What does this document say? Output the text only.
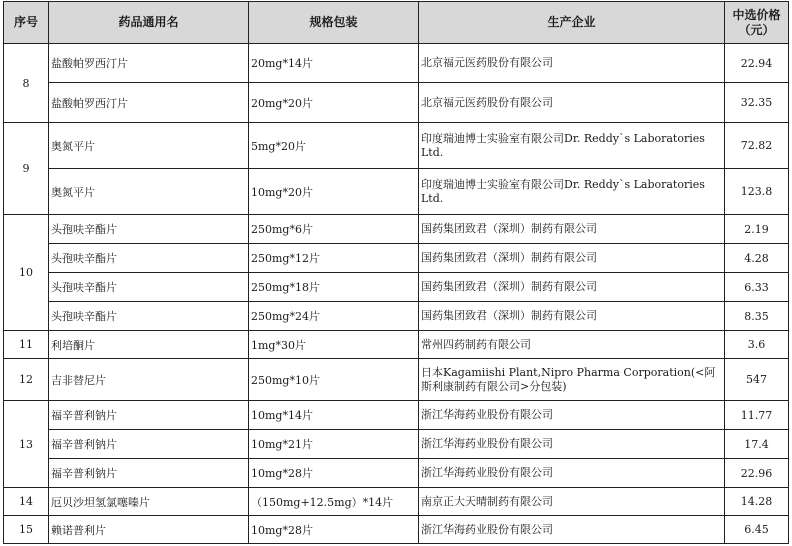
序号	药品通用名	规格包装	生产企业	中选价格
（元）
8	盐酸帕罗西汀片	20mg*14片	北京福元医药股份有限公司	22.94
	盐酸帕罗西汀片	20mg*20片	北京福元医药股份有限公司	32.35
9	奥氮平片	5mg*20片	印度瑞迪博士实验室有限公司Dr. Reddy`s Laboratories Ltd.	72.82
	奥氮平片	10mg*20片	印度瑞迪博士实验室有限公司Dr. Reddy`s Laboratories Ltd.	123.8
10	头孢呋辛酯片	250mg*6片	国药集团致君（深圳）制药有限公司	2.19
	头孢呋辛酯片	250mg*12片	国药集团致君（深圳）制药有限公司	4.28
	头孢呋辛酯片	250mg*18片	国药集团致君（深圳）制药有限公司	6.33
	头孢呋辛酯片	250mg*24片	国药集团致君（深圳）制药有限公司	8.35
11	利培酮片	1mg*30片	常州四药制药有限公司	3.6
12	吉非替尼片	250mg*10片	日本Kagamiishi Plant,Nipro Pharma Corporation(<阿斯利康制药有限公司>分包装)	547
13	福辛普利钠片	10mg*14片	浙江华海药业股份有限公司	11.77
	福辛普利钠片	10mg*21片	浙江华海药业股份有限公司	17.4
	福辛普利钠片	10mg*28片	浙江华海药业股份有限公司	22.96
14	厄贝沙坦氢氯噻嗪片	（150mg+12.5mg）*14片	南京正大天晴制药有限公司	14.28
15	赖诺普利片	10mg*28片	浙江华海药业股份有限公司	6.45
